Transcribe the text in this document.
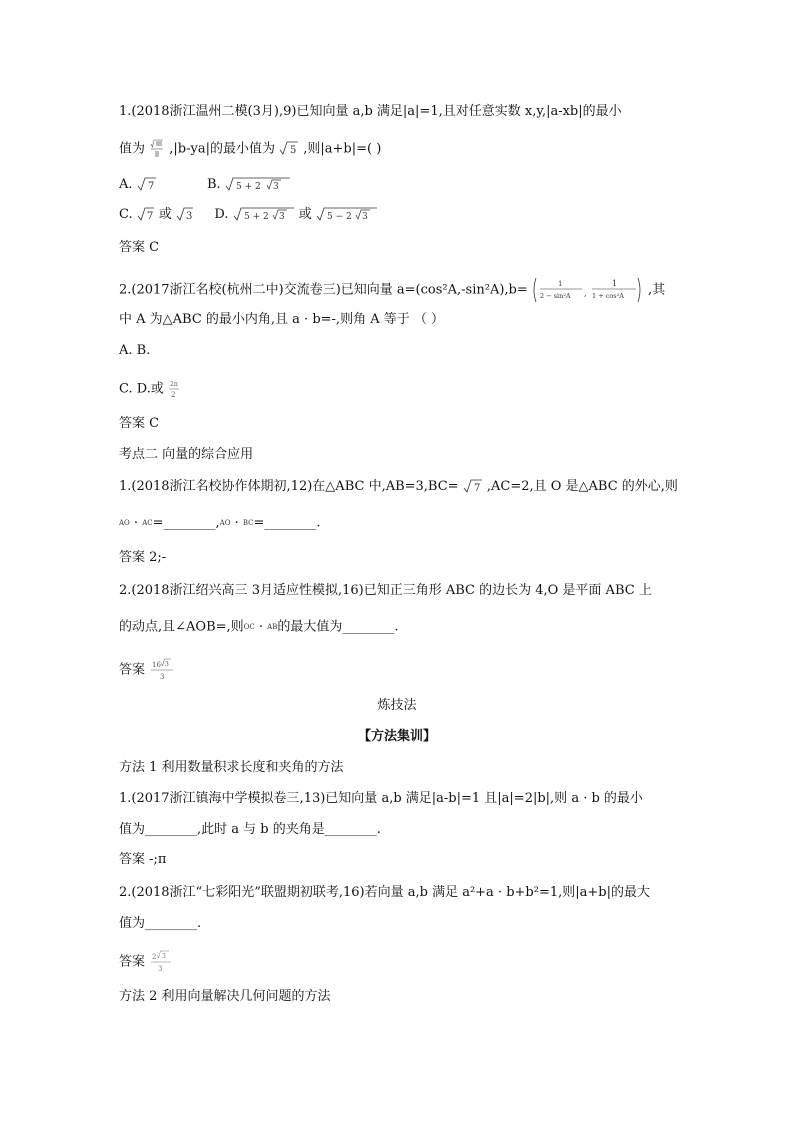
1.(2018浙江温州二模(3月),9)已知向量 a,b 满足|a|=1,且对任意实数 x,y,|a-xb|的最小
值为 ,|b-ya|的最小值为 5 ,则|a+b|=( )
A. 7	B. 5 + 2 3
C. 7 或 3 D. 5 + 2 3 或 5 − 2 3
答案 C
2.(2017浙江名校(杭州二中)交流卷三)已知向量 a=(cos²A,-sin²A),b=	1
2 − sin²A ,
1
1 + cos²A ,其
中 A 为△ABC 的最小内角,且 a · b=-,则角 A 等于 （ ）
A. B.
C. D.或 2π
2
答案 C
考点二 向量的综合应用
1.(2018浙江名校协作体期初,12)在△ABC 中,AB=3,BC= 7 ,AC=2,且 O 是△ABC 的外心,则
AO · AC=________,AO · BC=________.
答案 2;-
2.(2018浙江绍兴高三 3月适应性模拟,16)已知正三角形 ABC 的边长为 4,O 是平面 ABC 上
的动点,且∠AOB=,则OC · AB的最大值为________.
答案 16 3
3
炼技法
【方法集训】
方法 1 利用数量积求长度和夹角的方法
1.(2017浙江镇海中学模拟卷三,13)已知向量 a,b 满足|a-b|=1 且|a|=2|b|,则 a · b 的最小
值为________,此时 a 与 b 的夹角是________.
答案 -;π
2.(2018浙江“七彩阳光”联盟期初联考,16)若向量 a,b 满足 a²+a · b+b²=1,则|a+b|的最大
值为________.
答案 2 3
3
方法 2 利用向量解决几何问题的方法
